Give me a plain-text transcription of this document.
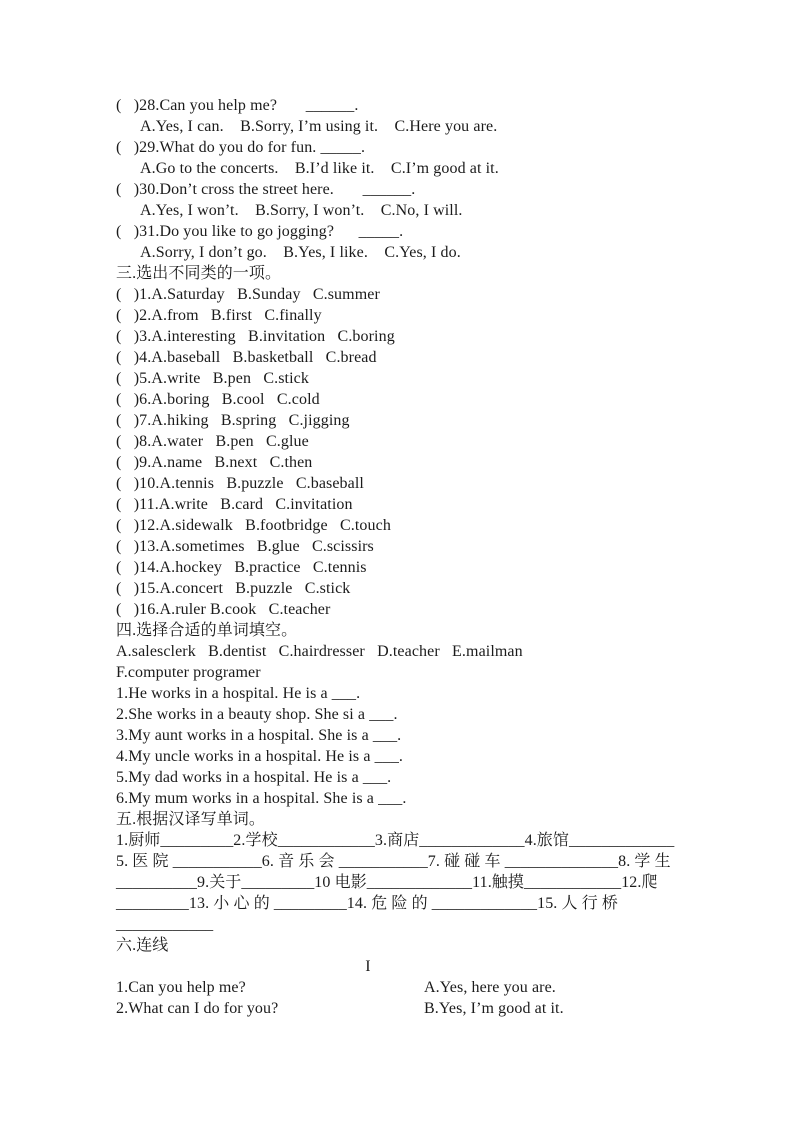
(   )28.Can you help me?       ______.
A.Yes, I can.    B.Sorry, I’m using it.    C.Here you are.
(   )29.What do you do for fun. _____.
A.Go to the concerts.    B.I’d like it.    C.I’m good at it.
(   )30.Don’t cross the street here.       ______.
A.Yes, I won’t.    B.Sorry, I won’t.    C.No, I will.
(   )31.Do you like to go jogging?      _____.
A.Sorry, I don’t go.    B.Yes, I like.    C.Yes, I do.
三.选出不同类的一项。
(   )1.A.Saturday   B.Sunday   C.summer
(   )2.A.from   B.first   C.finally
(   )3.A.interesting   B.invitation   C.boring
(   )4.A.baseball   B.basketball   C.bread
(   )5.A.write   B.pen   C.stick
(   )6.A.boring   B.cool   C.cold
(   )7.A.hiking   B.spring   C.jigging
(   )8.A.water   B.pen   C.glue
(   )9.A.name   B.next   C.then
(   )10.A.tennis   B.puzzle   C.baseball
(   )11.A.write   B.card   C.invitation
(   )12.A.sidewalk   B.footbridge   C.touch
(   )13.A.sometimes   B.glue   C.scissirs
(   )14.A.hockey   B.practice   C.tennis
(   )15.A.concert   B.puzzle   C.stick
(   )16.A.ruler B.cook   C.teacher
四.选择合适的单词填空。
A.salesclerk   B.dentist   C.hairdresser   D.teacher   E.mailman
F.computer programer
1.He works in a hospital. He is a ___.
2.She works in a beauty shop. She si a ___.
3.My aunt works in a hospital. She is a ___.
4.My uncle works in a hospital. He is a ___.
5.My dad works in a hospital. He is a ___.
6.My mum works in a hospital. She is a ___.
五.根据汉译写单词。
1.厨师_________2.学校____________3.商店_____________4.旅馆_____________
5. 医 院 ___________6. 音 乐 会 ___________7. 碰 碰 车 ______________8. 学 生
__________9.关于_________10 电影_____________11.触摸____________12.爬
_________13. 小 心 的 _________14. 危 险 的 _____________15. 人 行 桥
____________
六.连线
I
1.Can you help me?	A.Yes, here you are.
2.What can I do for you?	B.Yes, I’m good at it.
